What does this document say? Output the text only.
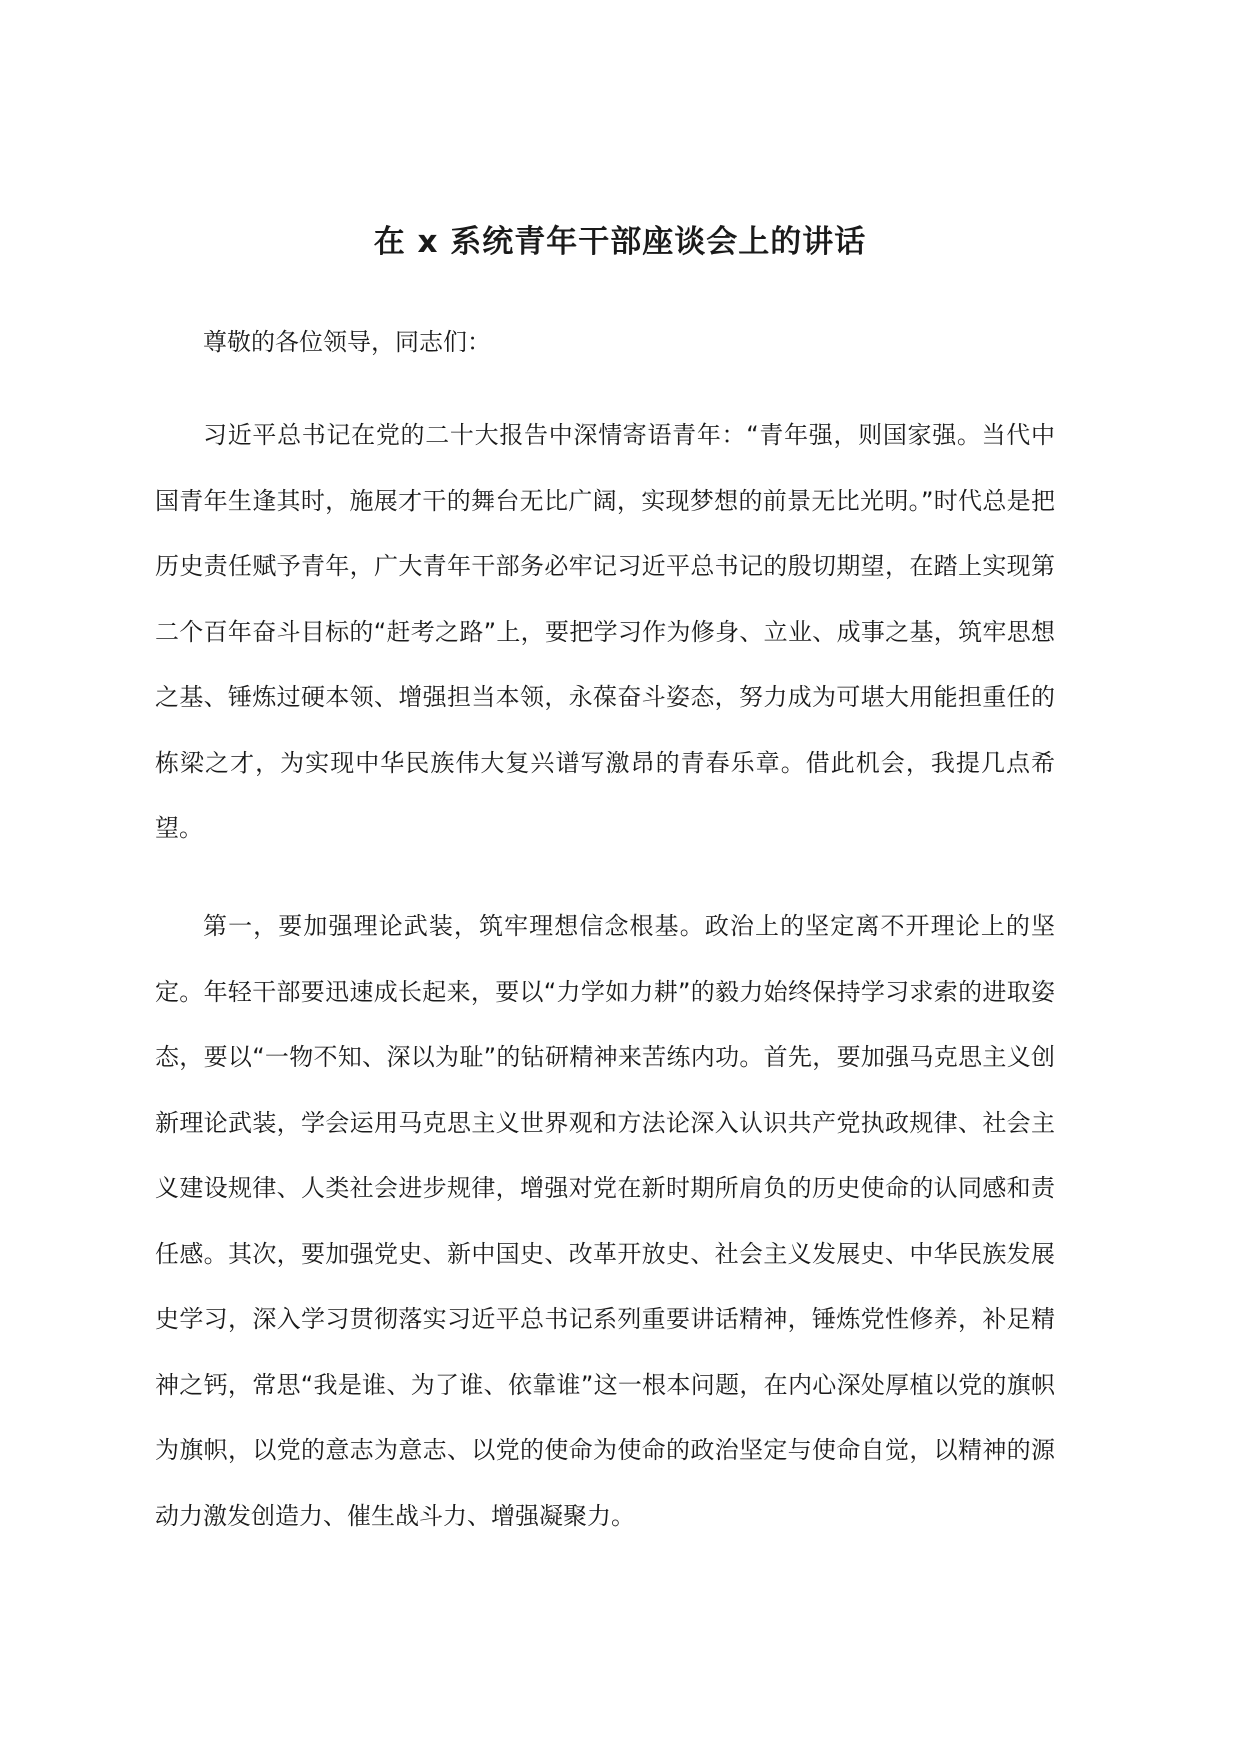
在 x 系统青年干部座谈会上的讲话
尊敬的各位领导，同志们：

习近平总书记在党的二十大报告中深情寄语青年：“青年强，则国家强。当代中国青年生逢其时，施展才干的舞台无比广阔，实现梦想的前景无比光明。”时代总是把历史责任赋予青年，广大青年干部务必牢记习近平总书记的殷切期望，在踏上实现第二个百年奋斗目标的“赶考之路”上，要把学习作为修身、立业、成事之基，筑牢思想之基、锤炼过硬本领、增强担当本领，永葆奋斗姿态，努力成为可堪大用能担重任的栋梁之才，为实现中华民族伟大复兴谱写激昂的青春乐章。借此机会，我提几点希望。

第一，要加强理论武装，筑牢理想信念根基。政治上的坚定离不开理论上的坚定。年轻干部要迅速成长起来，要以“力学如力耕”的毅力始终保持学习求索的进取姿态，要以“一物不知、深以为耻”的钻研精神来苦练内功。首先，要加强马克思主义创新理论武装，学会运用马克思主义世界观和方法论深入认识共产党执政规律、社会主义建设规律、人类社会进步规律，增强对党在新时期所肩负的历史使命的认同感和责任感。其次，要加强党史、新中国史、改革开放史、社会主义发展史、中华民族发展史学习，深入学习贯彻落实习近平总书记系列重要讲话精神，锤炼党性修养，补足精神之钙，常思“我是谁、为了谁、依靠谁”这一根本问题，在内心深处厚植以党的旗帜为旗帜，以党的意志为意志、以党的使命为使命的政治坚定与使命自觉，以精神的源动力激发创造力、催生战斗力、增强凝聚力。
